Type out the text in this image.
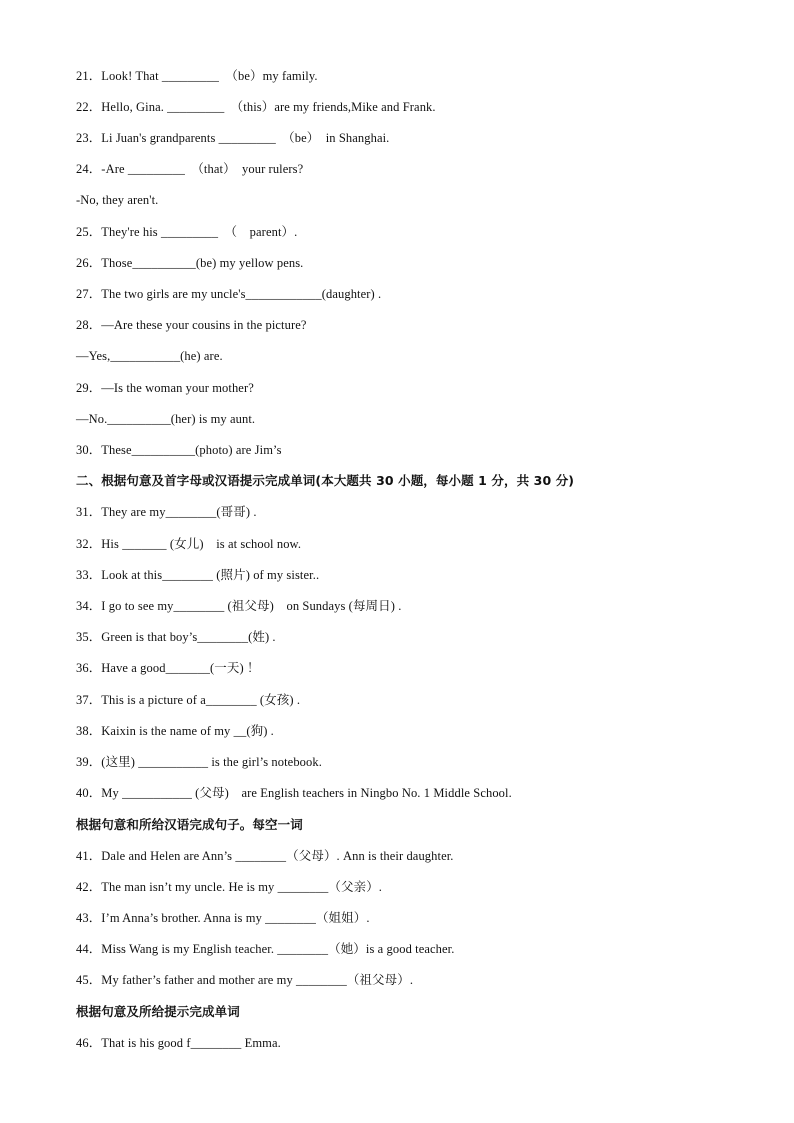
21．Look! That _________　（be）my family.
22．Hello, Gina. _________　（this）are my friends,Mike and Frank.
23．Li Juan's grandparents _________　（be）　in Shanghai.
24．-Are _________　（that）　your rulers?
-No, they aren't.
25．They're his _________　（　parent）.
26．Those__________(be) my yellow pens.
27．The two girls are my uncle's____________(daughter) .
28．—Are these your cousins in the picture?
—Yes,___________(he) are.
29．—Is the woman your mother?
—No.__________(her) is my aunt.
30．These__________(photo) are Jim’s
二、根据句意及首字母或汉语提示完成单词(本大题共 30 小题，每小题 1 分，共 30 分)
31．They are my________(哥哥) .
32．His _______ (女儿)　is at school now.
33．Look at this________ (照片) of my sister..
34．I go to see my________ (祖父母)　on Sundays (每周日) .
35．Green is that boy’s________(姓) .
36．Have a good_______(一天) ！
37．This is a picture of a________ (女孩) .
38．Kaixin is the name of my __(狗) .
39．(这里) ___________ is the girl’s notebook.
40．My ___________ (父母)　are English teachers in Ningbo No. 1 Middle School.
根据句意和所给汉语完成句子。每空一词
41．Dale and Helen are Ann’s ________（父母）. Ann is their daughter.
42．The man isn’t my uncle. He is my ________（父亲）.
43．I’m Anna’s brother. Anna is my ________（姐姐）.
44．Miss Wang is my English teacher. ________（她）is a good teacher.
45．My father’s father and mother are my ________（祖父母）.
根据句意及所给提示完成单词
46．That is his good f________ Emma.
